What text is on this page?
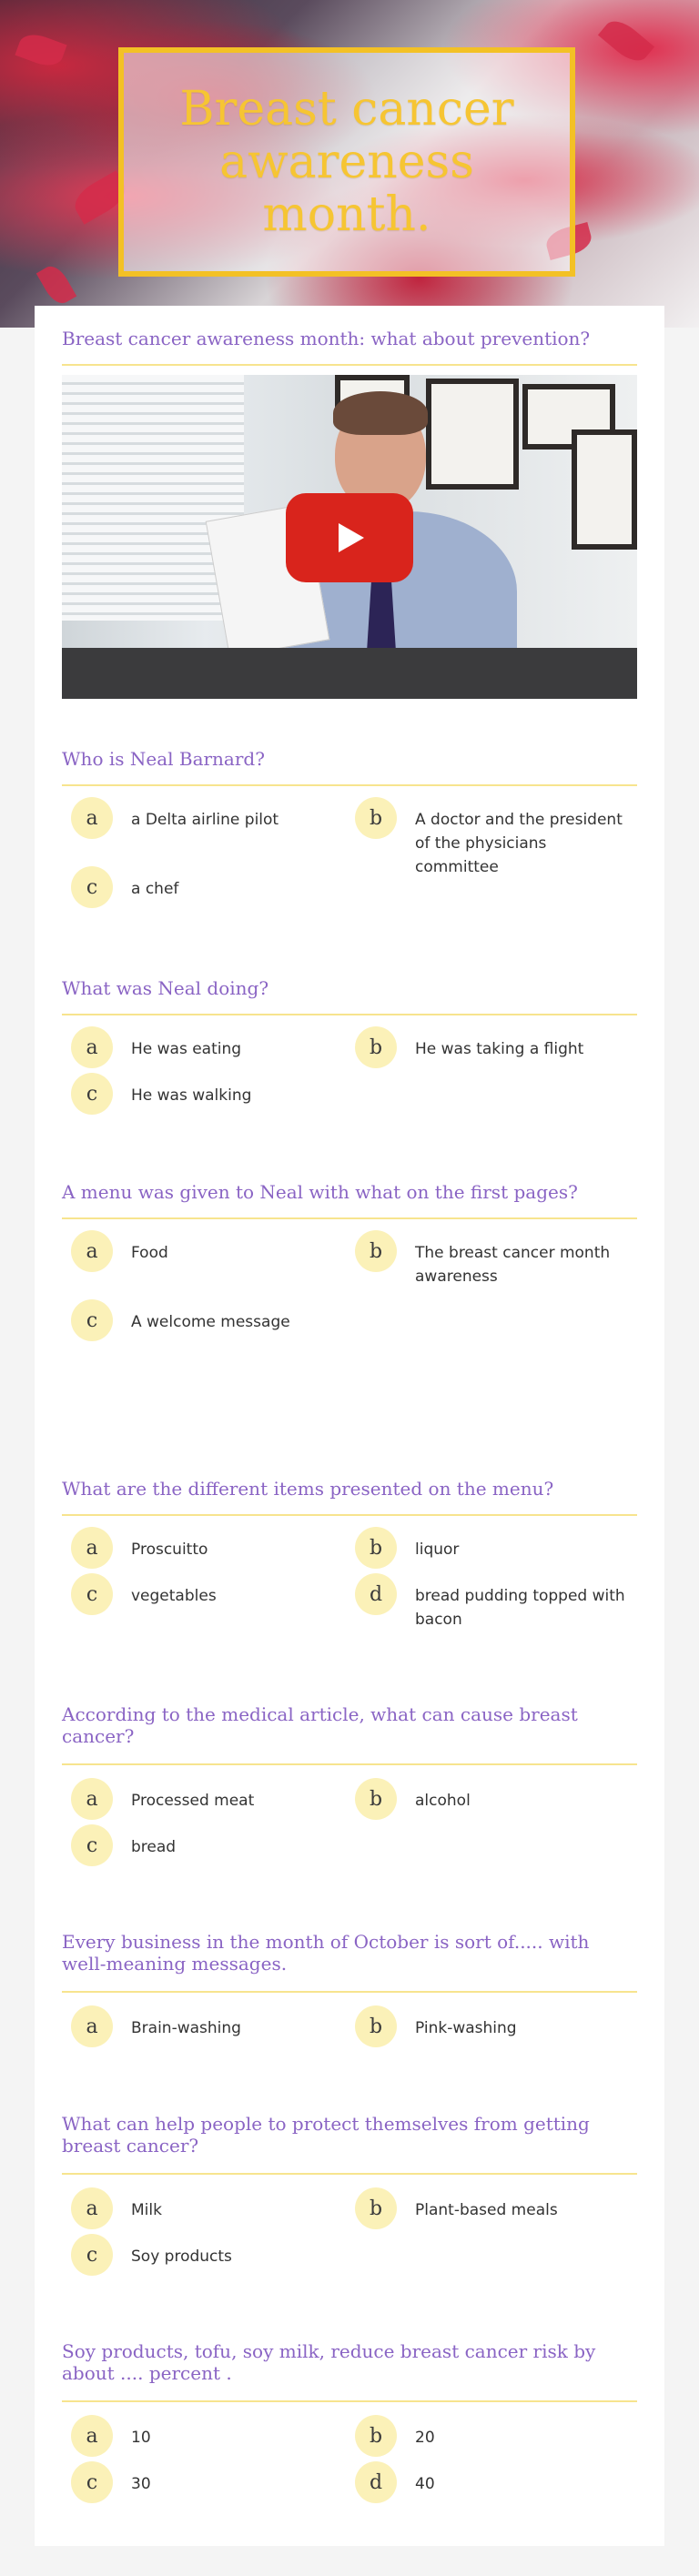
Breast cancer awareness month.
Breast cancer awareness month: what about prevention?
Who is Neal Barnard?
a	a Delta airline pilot	b	A doctor and the president of the physicians committee
c	a chef
What was Neal doing?
a	He was eating	b	He was taking a flight
c	He was walking
A menu was given to Neal with what on the first pages?
a	Food	b	The breast cancer month awareness
c	A welcome message
What are the different items presented on the menu?
a	Proscuitto	b	liquor
c	vegetables	d	bread pudding topped with bacon
According to the medical article, what can cause breast cancer?
a	Processed meat	b	alcohol
c	bread
Every business in the month of October is sort of..... with well-meaning messages.
a	Brain-washing	b	Pink-washing
What can help people to protect themselves from getting breast cancer?
a	Milk	b	Plant-based meals
c	Soy products
Soy products, tofu, soy milk, reduce breast cancer risk by about .... percent .
a	10	b	20
c	30	d	40
